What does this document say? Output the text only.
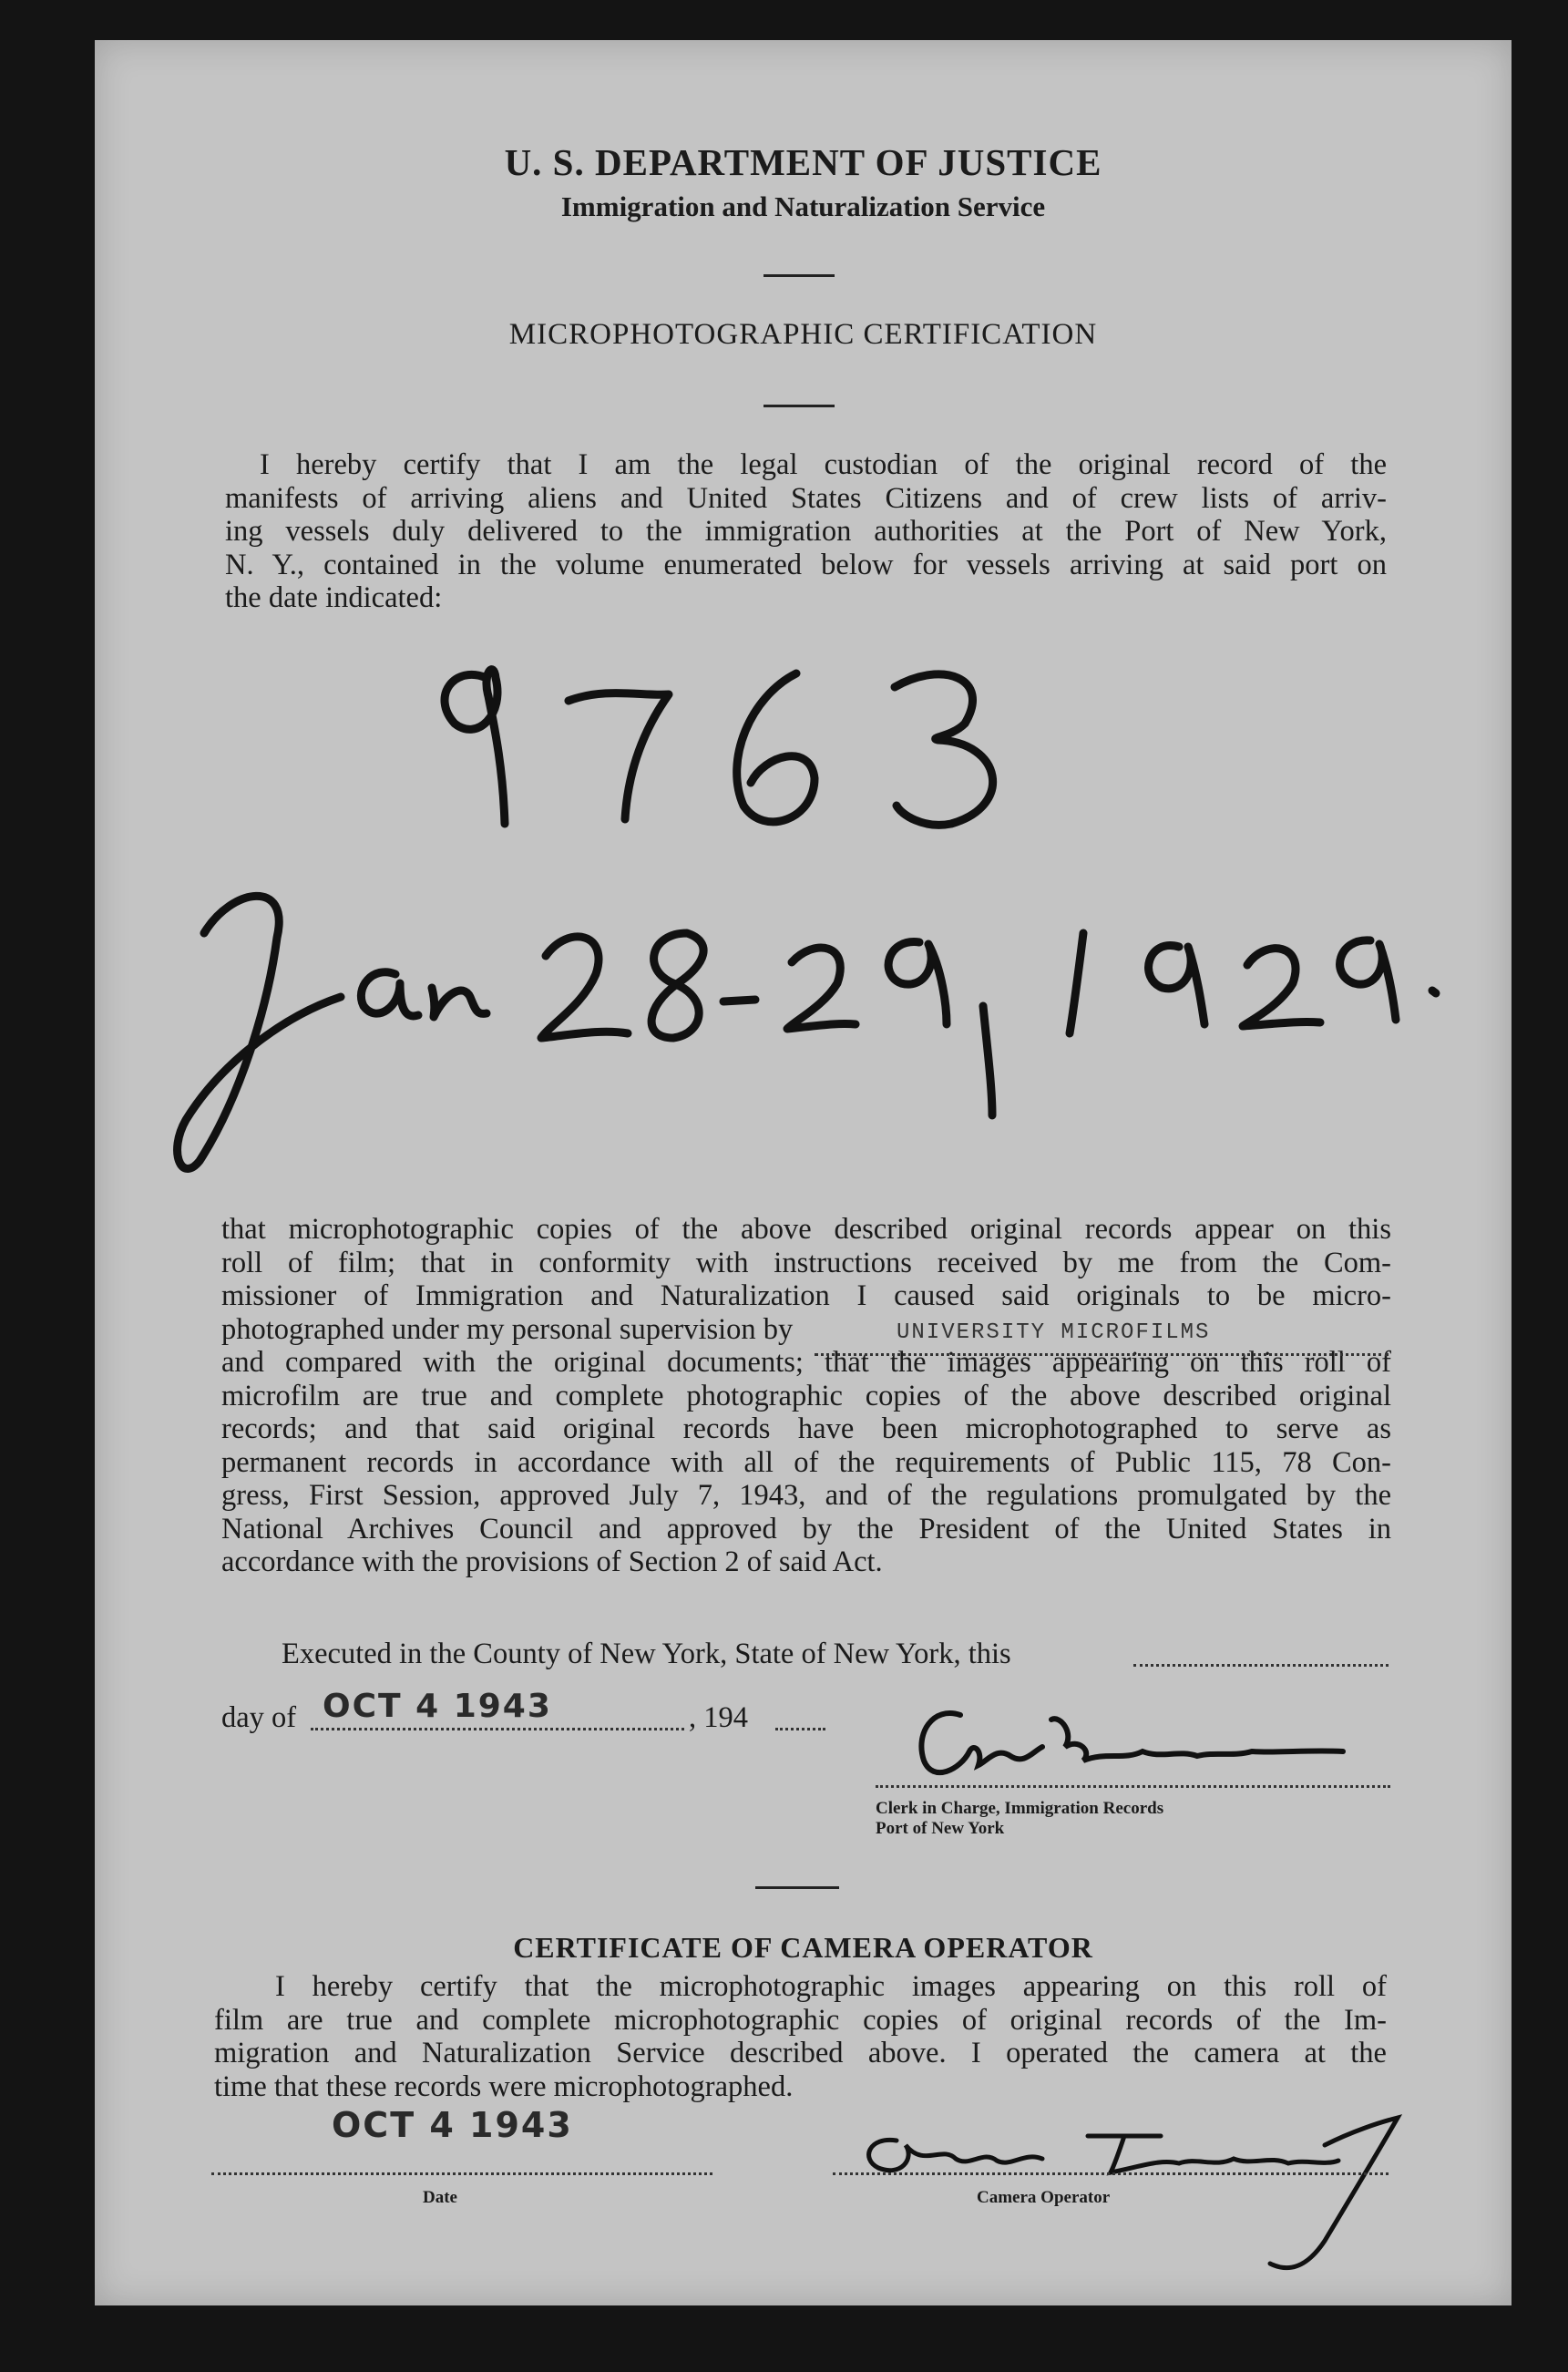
U. S. DEPARTMENT OF JUSTICE
Immigration and Naturalization Service
MICROPHOTOGRAPHIC CERTIFICATION
I hereby certify that I am the legal custodian of the original record of the
manifests of arriving aliens and United States Citizens and of crew lists of arriv-
ing vessels duly delivered to the immigration authorities at the Port of New York,
N. Y., contained in the volume enumerated below for vessels arriving at said port on
the date indicated:
that microphotographic copies of the above described original records appear on this
roll of film; that in conformity with instructions received by me from the Com-
missioner of Immigration and Naturalization I caused said originals to be micro-
photographed under my personal supervision by
and compared with the original documents; that the images appearing on this roll of
microfilm are true and complete photographic copies of the above described original
records; and that said original records have been microphotographed to serve as
permanent records in accordance with all of the requirements of Public 115, 78 Con-
gress, First Session, approved July 7, 1943, and of the regulations promulgated by the
National Archives Council and approved by the President of the United States in
accordance with the provisions of Section 2 of said Act.
UNIVERSITY MICROFILMS
Executed in the County of New York, State of New York, this
day of OCT 4 1943	, 194
Clerk in Charge, Immigration Records
Port of New York
CERTIFICATE OF CAMERA OPERATOR
I hereby certify that the microphotographic images appearing on this roll of
film are true and complete microphotographic copies of original records of the Im-
migration and Naturalization Service described above. I operated the camera at the
time that these records were microphotographed.
OCT 4 1943
Date	Camera Operator
